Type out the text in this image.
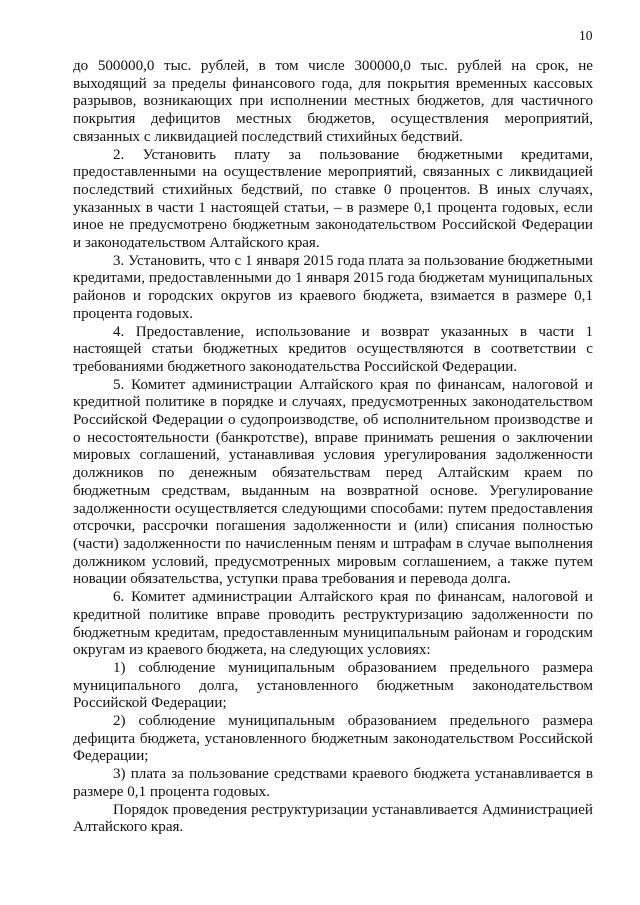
10

до 500000,0 тыс. рублей, в том числе 300000,0 тыс. рублей на срок, не выходящий за пределы финансового года, для покрытия временных кассовых разрывов, возникающих при исполнении местных бюджетов, для частичного покрытия дефицитов местных бюджетов, осуществления мероприятий, связанных с ликвидацией последствий стихийных бедствий.

2. Установить плату за пользование бюджетными кредитами, предоставленными на осуществление мероприятий, связанных с ликвидацией последствий стихийных бедствий, по ставке 0 процентов. В иных случаях, указанных в части 1 настоящей статьи, – в размере 0,1 процента годовых, если иное не предусмотрено бюджетным законодательством Российской Федерации и законодательством Алтайского края.

3. Установить, что с 1 января 2015 года плата за пользование бюджетными кредитами, предоставленными до 1 января 2015 года бюджетам муниципальных районов и городских округов из краевого бюджета, взимается в размере 0,1 процента годовых.

4. Предоставление, использование и возврат указанных в части 1 настоящей статьи бюджетных кредитов осуществляются в соответствии с требованиями бюджетного законодательства Российской Федерации.

5. Комитет администрации Алтайского края по финансам, налоговой и кредитной политике в порядке и случаях, предусмотренных законодательством Российской Федерации о судопроизводстве, об исполнительном производстве и о несостоятельности (банкротстве), вправе принимать решения о заключении мировых соглашений, устанавливая условия урегулирования задолженности должников по денежным обязательствам перед Алтайским краем по бюджетным средствам, выданным на возвратной основе. Урегулирование задолженности осуществляется следующими способами: путем предоставления отсрочки, рассрочки погашения задолженности и (или) списания полностью (части) задолженности по начисленным пеням и штрафам в случае выполнения должником условий, предусмотренных мировым соглашением, а также путем новации обязательства, уступки права требования и перевода долга.

6. Комитет администрации Алтайского края по финансам, налоговой и кредитной политике вправе проводить реструктуризацию задолженности по бюджетным кредитам, предоставленным муниципальным районам и городским округам из краевого бюджета, на следующих условиях:

1) соблюдение муниципальным образованием предельного размера муниципального долга, установленного бюджетным законодательством Российской Федерации;

2) соблюдение муниципальным образованием предельного размера дефицита бюджета, установленного бюджетным законодательством Российской Федерации;

3) плата за пользование средствами краевого бюджета устанавливается в размере 0,1 процента годовых.

Порядок проведения реструктуризации устанавливается Администрацией Алтайского края.
